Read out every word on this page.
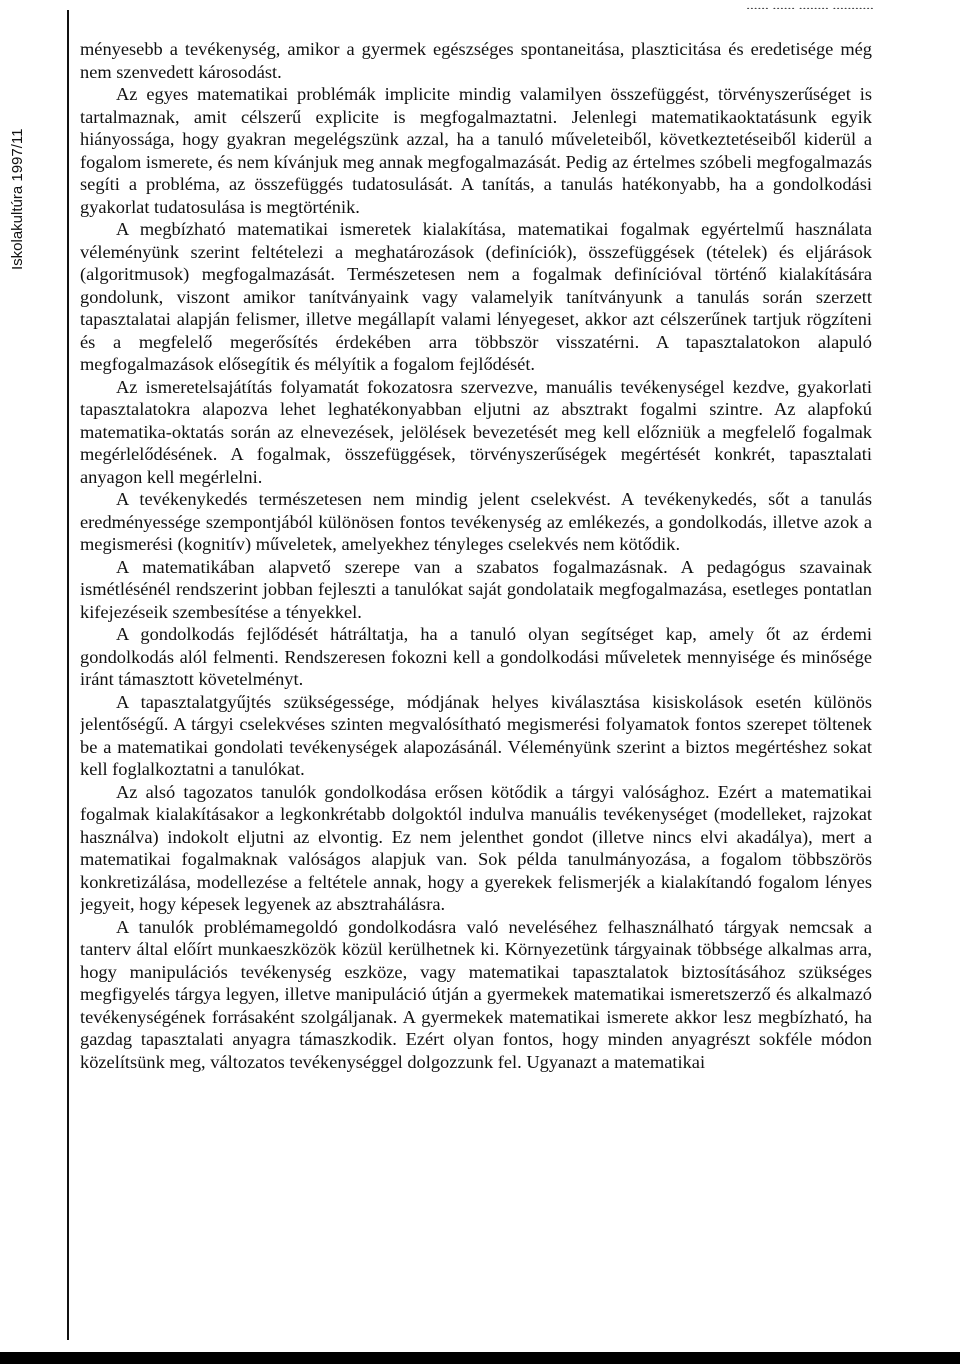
...... ...... ........ ...........
Iskolakultúra 1997/11

ményesebb a tevékenység, amikor a gyermek egészséges spontaneitása, plaszticitása és eredetisége még nem szenvedett károsodást.

Az egyes matematikai problémák implicite mindig valamilyen összefüggést, törvényszerűséget is tartalmaznak, amit célszerű explicite is megfogalmaztatni. Jelenlegi matematikaoktatásunk egyik hiányossága, hogy gyakran megelégszünk azzal, ha a tanuló műveleteiből, következtetéseiből kiderül a fogalom ismerete, és nem kívánjuk meg annak megfogalmazását. Pedig az értelmes szóbeli megfogalmazás segíti a probléma, az összefüggés tudatosulását. A tanítás, a tanulás hatékonyabb, ha a gondolkodási gyakorlat tudatosulása is megtörténik.

A megbízható matematikai ismeretek kialakítása, matematikai fogalmak egyértelmű használata véleményünk szerint feltételezi a meghatározások (definíciók), összefüggések (tételek) és eljárások (algoritmusok) megfogalmazását. Természetesen nem a fogalmak definícióval történő kialakítására gondolunk, viszont amikor tanítványaink vagy valamelyik tanítványunk a tanulás során szerzett tapasztalatai alapján felismer, illetve megállapít valami lényegeset, akkor azt célszerűnek tartjuk rögzíteni és a megfelelő megerősítés érdekében arra többször visszatérni. A tapasztalatokon alapuló megfogalmazások elősegítik és mélyítik a fogalom fejlődését.

Az ismeretelsajátítás folyamatát fokozatosra szervezve, manuális tevékenységel kezdve, gyakorlati tapasztalatokra alapozva lehet leghatékonyabban eljutni az absztrakt fogalmi szintre. Az alapfokú matematika-oktatás során az elnevezések, jelölések bevezetését meg kell előzniük a megfelelő fogalmak megérlelődésének. A fogalmak, összefüggések, törvényszerűségek megértését konkrét, tapasztalati anyagon kell megérlelni.

A tevékenykedés természetesen nem mindig jelent cselekvést. A tevékenykedés, sőt a tanulás eredményessége szempontjából különösen fontos tevékenység az emlékezés, a gondolkodás, illetve azok a megismerési (kognitív) műveletek, amelyekhez tényleges cselekvés nem kötődik.

A matematikában alapvető szerepe van a szabatos fogalmazásnak. A pedagógus szavainak ismétlésénél rendszerint jobban fejleszti a tanulókat saját gondolataik megfogalmazása, esetleges pontatlan kifejezéseik szembesítése a tényekkel.

A gondolkodás fejlődését hátráltatja, ha a tanuló olyan segítséget kap, amely őt az érdemi gondolkodás alól felmenti. Rendszeresen fokozni kell a gondolkodási műveletek mennyisége és minősége iránt támasztott követelményt.

A tapasztalatgyűjtés szükségessége, módjának helyes kiválasztása kisiskolások esetén különös jelentőségű. A tárgyi cselekvéses szinten megvalósítható megismerési folyamatok fontos szerepet töltenek be a matematikai gondolati tevékenységek alapozásánál. Véleményünk szerint a biztos megértéshez sokat kell foglalkoztatni a tanulókat.

Az alsó tagozatos tanulók gondolkodása erősen kötődik a tárgyi valósághoz. Ezért a matematikai fogalmak kialakításakor a legkonkrétabb dolgoktól indulva manuális tevékenységet (modelleket, rajzokat használva) indokolt eljutni az elvontig. Ez nem jelenthet gondot (illetve nincs elvi akadálya), mert a matematikai fogalmaknak valóságos alapjuk van. Sok példa tanulmányozása, a fogalom többszörös konkretizálása, modellezése a feltétele annak, hogy a gyerekek felismerjék a kialakítandó fogalom lényes jegyeit, hogy képesek legyenek az absztrahálásra.

A tanulók problémamegoldó gondolkodásra való neveléséhez felhasználható tárgyak nemcsak a tanterv által előírt munkaeszközök közül kerülhetnek ki. Környezetünk tárgyainak többsége alkalmas arra, hogy manipulációs tevékenység eszköze, vagy matematikai tapasztalatok biztosításához szükséges megfigyelés tárgya legyen, illetve manipuláció útján a gyermekek matematikai ismeretszerző és alkalmazó tevékenységének forrásaként szolgáljanak. A gyermekek matematikai ismerete akkor lesz megbízható, ha gazdag tapasztalati anyagra támaszkodik. Ezért olyan fontos, hogy minden anyagrészt sokféle módon közelítsünk meg, változatos tevékenységgel dolgozzunk fel. Ugyanazt a matematikai
